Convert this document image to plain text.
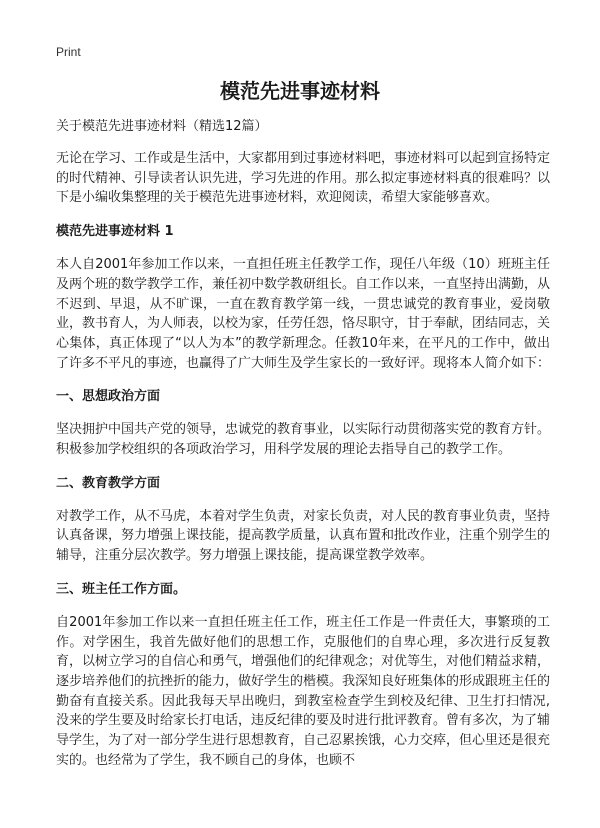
Print
模范先进事迹材料
关于模范先进事迹材料（精选12篇）

无论在学习、工作或是生活中，大家都用到过事迹材料吧，事迹材料可以起到宣扬特定的时代精神、引导读者认识先进，学习先进的作用。那么拟定事迹材料真的很难吗？以下是小编收集整理的关于模范先进事迹材料，欢迎阅读，希望大家能够喜欢。

模范先进事迹材料 1

本人自2001年参加工作以来，一直担任班主任教学工作，现任八年级（10）班班主任及两个班的数学教学工作，兼任初中数学教研组长。自工作以来，一直坚持出满勤，从不迟到、早退，从不旷课，一直在教育教学第一线，一贯忠诚党的教育事业，爱岗敬业，教书育人，为人师表，以校为家，任劳任怨，恪尽职守，甘于奉献，团结同志，关心集体，真正体现了“以人为本”的教学新理念。任教10年来，在平凡的工作中，做出了许多不平凡的事迹，也赢得了广大师生及学生家长的一致好评。现将本人简介如下：

一、思想政治方面

坚决拥护中国共产党的领导，忠诚党的教育事业，以实际行动贯彻落实党的教育方针。积极参加学校组织的各项政治学习，用科学发展的理论去指导自己的教学工作。

二、教育教学方面

对教学工作，从不马虎，本着对学生负责，对家长负责，对人民的教育事业负责，坚持认真备课，努力增强上课技能，提高教学质量，认真布置和批改作业，注重个别学生的辅导，注重分层次教学。努力增强上课技能，提高课堂教学效率。

三、班主任工作方面。

自2001年参加工作以来一直担任班主任工作，班主任工作是一件责任大，事繁琐的工作。对学困生，我首先做好他们的思想工作，克服他们的自卑心理，多次进行反复教育，以树立学习的自信心和勇气，增强他们的纪律观念；对优等生，对他们精益求精，逐步培养他们的抗挫折的能力，做好学生的楷模。我深知良好班集体的形成跟班主任的勤奋有直接关系。因此我每天早出晚归，到教室检查学生到校及纪律、卫生打扫情况,没来的学生要及时给家长打电话，违反纪律的要及时进行批评教育。曾有多次，为了辅导学生，为了对一部分学生进行思想教育，自己忍累挨饿，心力交瘁，但心里还是很充实的。也经常为了学生，我不顾自己的身体，也顾不
